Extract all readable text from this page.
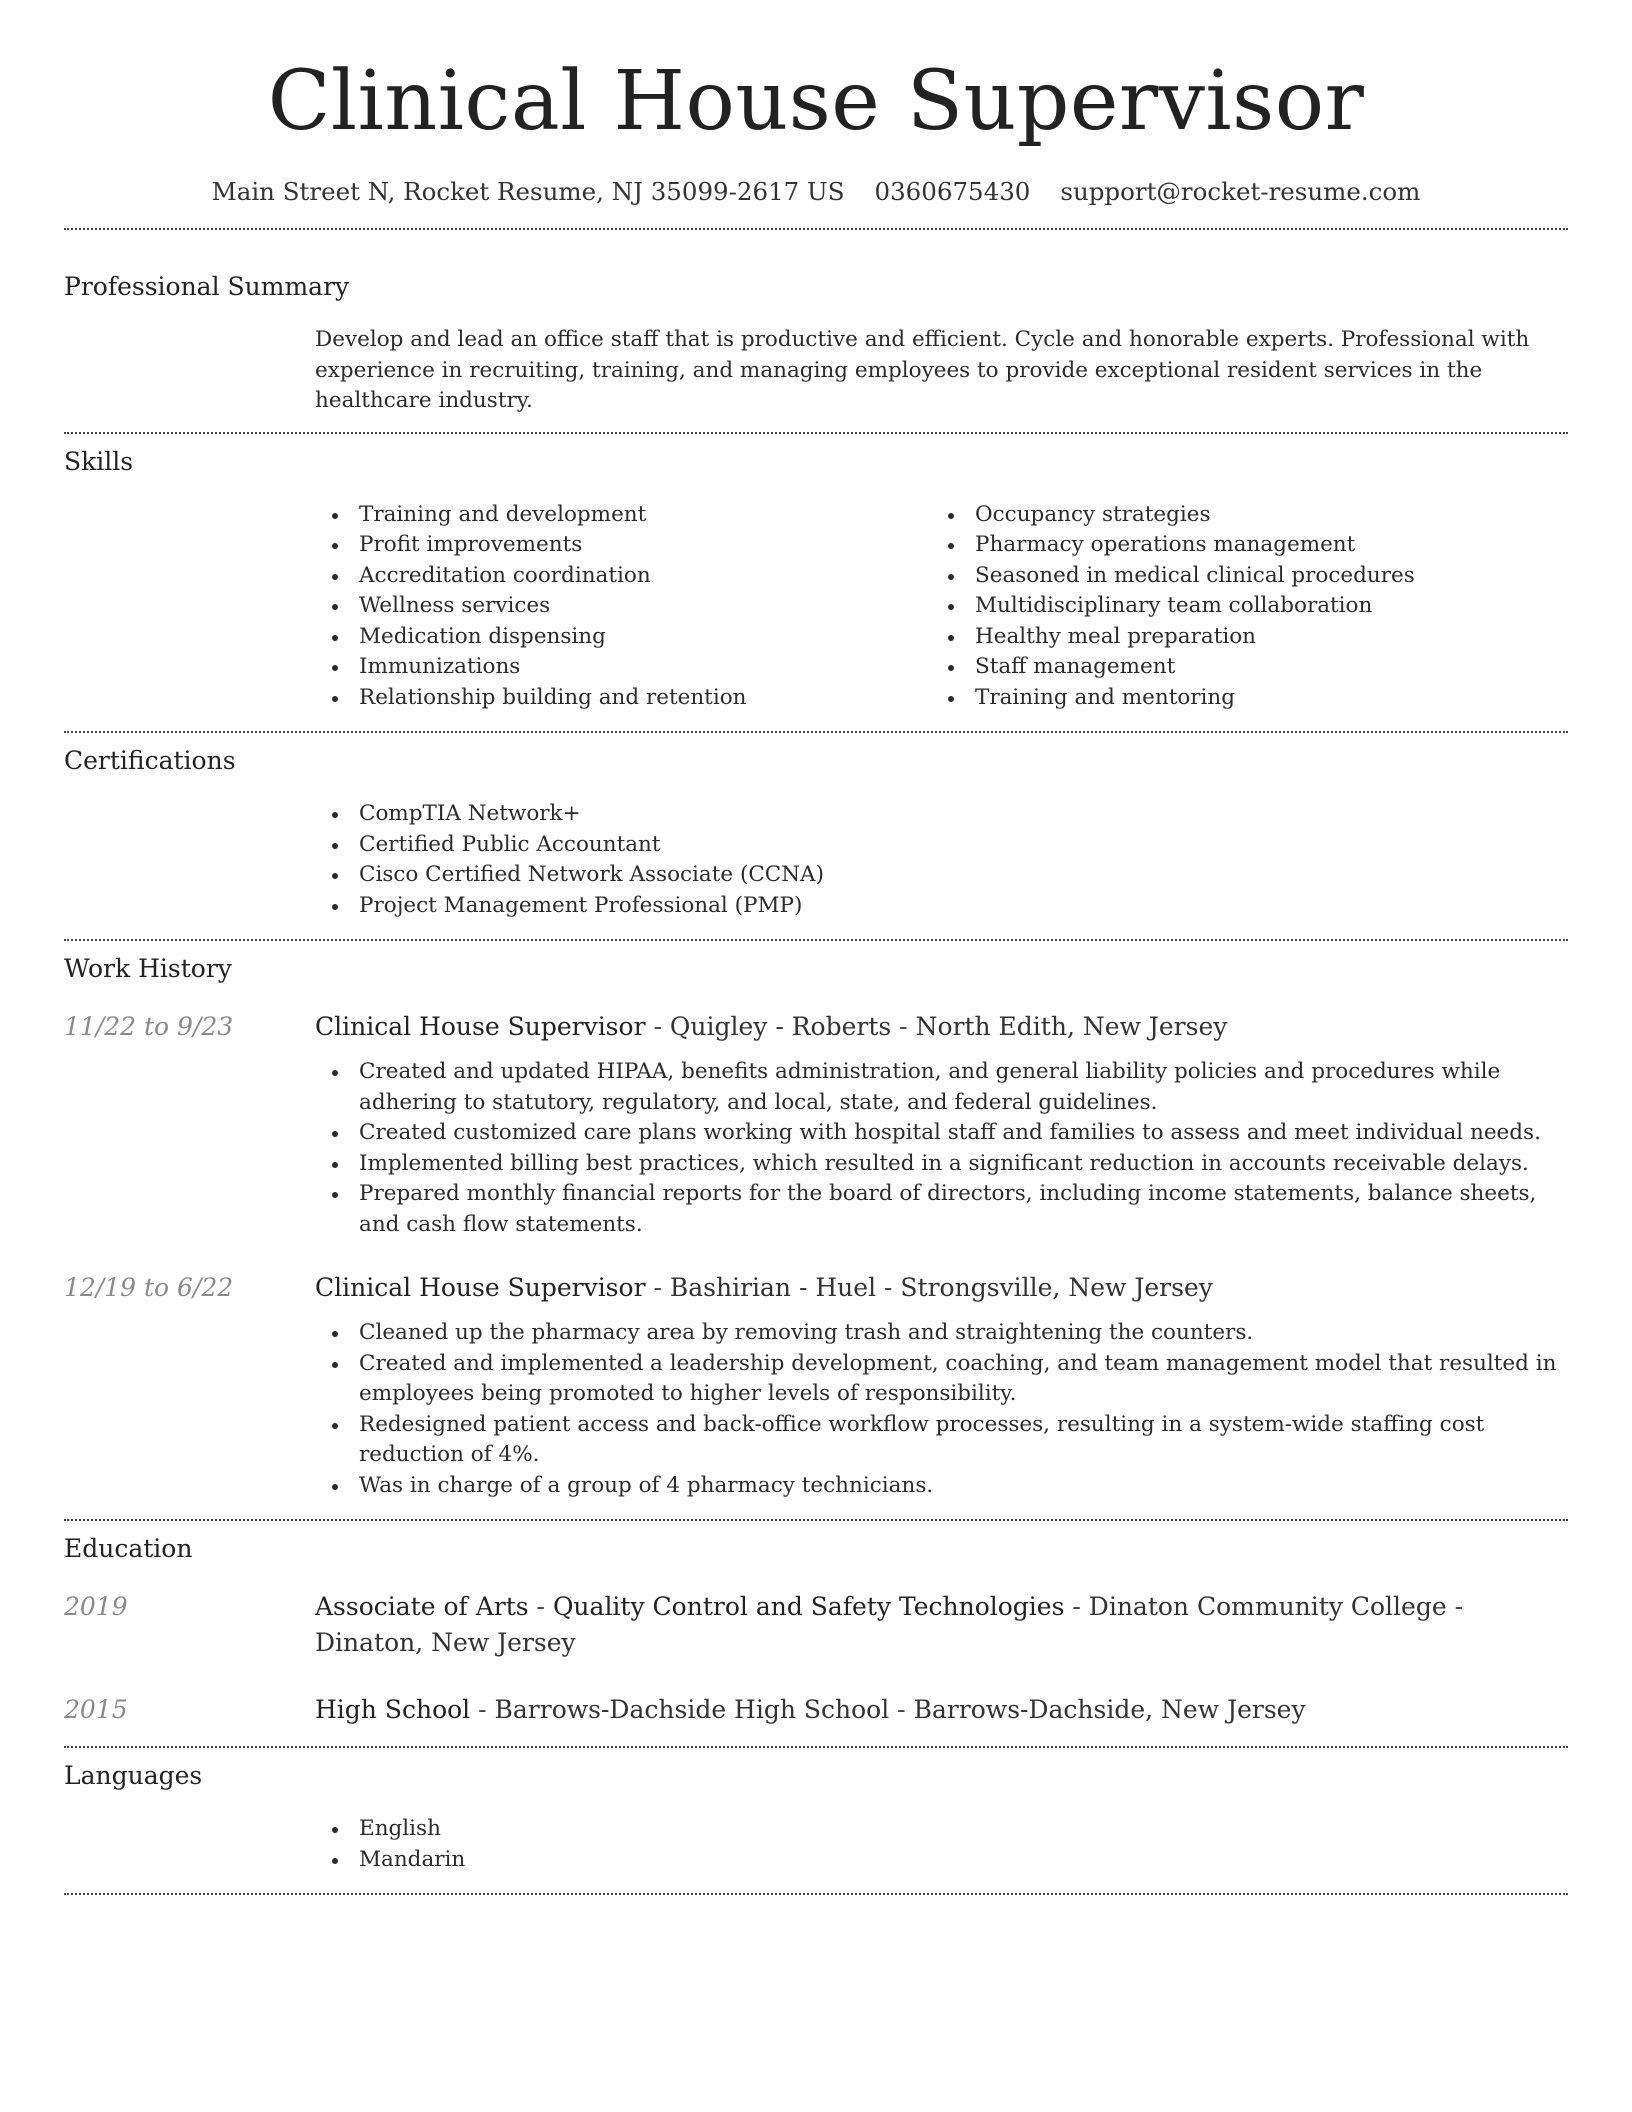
Clinical House Supervisor
Main Street N, Rocket Resume, NJ 35099-2617 US 0360675430 support@rocket-resume.com
Professional Summary

Develop and lead an office staff that is productive and efficient. Cycle and honorable experts. Professional with experience in recruiting, training, and managing employees to provide exceptional resident services in the healthcare industry.

Skills
Training and development
Profit improvements
Accreditation coordination
Wellness services
Medication dispensing
Immunizations
Relationship building and retention
Occupancy strategies
Pharmacy operations management
Seasoned in medical clinical procedures
Multidisciplinary team collaboration
Healthy meal preparation
Staff management
Training and mentoring
Certifications
CompTIA Network+
Certified Public Accountant
Cisco Certified Network Associate (CCNA)
Project Management Professional (PMP)
Work History
11/22 to 9/23	Clinical House Supervisor - Quigley - Roberts - North Edith, New Jersey
Created and updated HIPAA, benefits administration, and general liability policies and procedures while adhering to statutory, regulatory, and local, state, and federal guidelines.
Created customized care plans working with hospital staff and families to assess and meet individual needs.
Implemented billing best practices, which resulted in a significant reduction in accounts receivable delays.
Prepared monthly financial reports for the board of directors, including income statements, balance sheets, and cash flow statements.
12/19 to 6/22	Clinical House Supervisor - Bashirian - Huel - Strongsville, New Jersey
Cleaned up the pharmacy area by removing trash and straightening the counters.
Created and implemented a leadership development, coaching, and team management model that resulted in employees being promoted to higher levels of responsibility.
Redesigned patient access and back-office workflow processes, resulting in a system-wide staffing cost reduction of 4%.
Was in charge of a group of 4 pharmacy technicians.
Education
2019	Associate of Arts - Quality Control and Safety Technologies - Dinaton Community College - Dinaton, New Jersey
2015	High School - Barrows-Dachside High School - Barrows-Dachside, New Jersey
Languages
English
Mandarin
